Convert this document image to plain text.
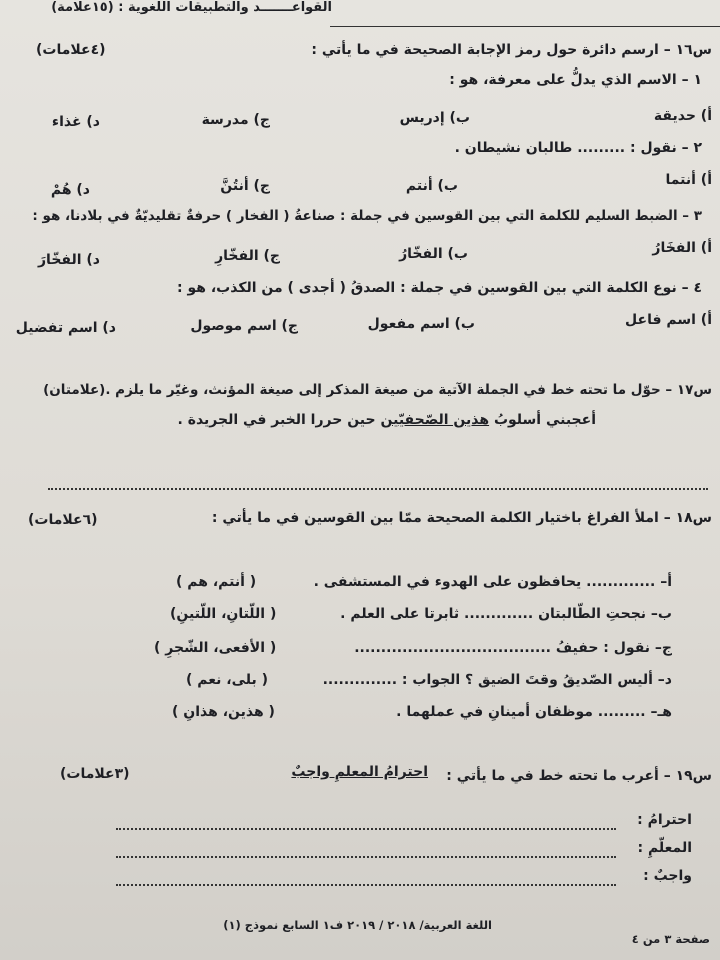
القواعـــــــد والتطبيقات اللغوية : (١٥علامة)
س١٦ – ارسم دائرة حول رمز الإجابة الصحيحة في ما يأتي :
(٤علامات)
١ – الاسم الذي يدلُّ على معرفة، هو :
أ) حديقة
ب) إدريس
ج) مدرسة
د) غذاء
٢ – نقول : ......... طالبان نشيطان .
أ) أنتما
ب) أنتم
ج) أنتُنَّ
د) هُمْ
٣ – الضبط السليم للكلمة التي بين القوسين في جملة : صناعةُ ( الفخار ) حرفةٌ تقليديّةٌ في بلادنا، هو :
أ) الفخَارُ
ب) الفخّارُ
ج) الفخّارِ
د) الفخّارَ
٤ – نوع الكلمة التي بين القوسين في جملة : الصدقُ ( أجدى ) من الكذب، هو :
أ) اسم فاعل
ب) اسم مفعول
ج) اسم موصول
د) اسم تفضيل
س١٧ – حوّل ما تحته خط في الجملة الآتية من صيغة المذكر إلى صيغة المؤنث، وغيّر ما يلزم .(علامتان)
أعجبني أسلوبُ هذين الصّحفيّين حين حررا الخبر في الجريدة .
س١٨ – املأ الفراغ باختيار الكلمة الصحيحة ممّا بين القوسين في ما يأتي :
(٦علامات)
أ– ............. يحافظون على الهدوء في المستشفى .
( أنتم، هم )
ب– نجحتِ الطّالبتان ............. ثابرتا على العلم .
( اللّتانِ، اللّتينِ)
ج– نقول : حفيفُ .....................................
( الأفعى، الشّجرِ )
د– أليس الصّديقُ وقتَ الضيق ؟ الجواب : ..............
( بلى، نعم )
هـ– ......... موظفان أمينانِ في عملهما .
( هذين، هذانِ )
س١٩ – أعرب ما تحته خط في ما يأتي :
احترامُ المعلمِ واجبٌ
(٣علامات)
احترامُ :
المعلّمِ :
واجبٌ :
اللغة العربية/ ٢٠١٨ / ٢٠١٩ ف١ السابع نموذج (١)
صفحة ٣ من ٤
